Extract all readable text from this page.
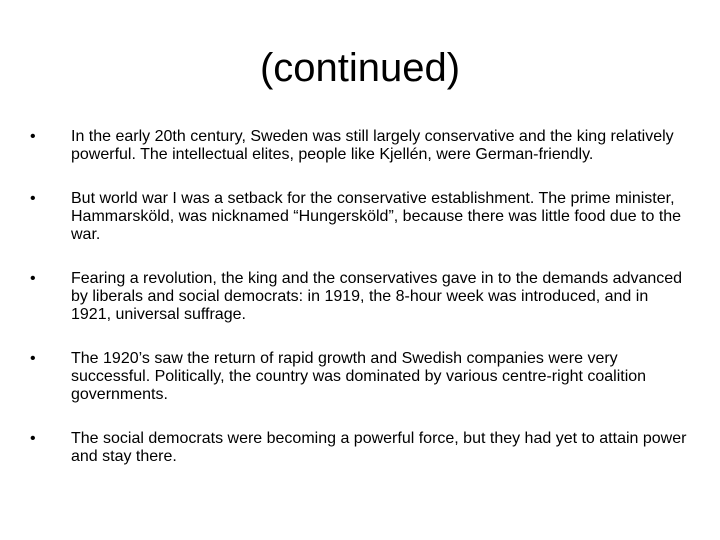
(continued)
•	In the early 20th century, Sweden was still largely conservative and the king relatively powerful. The intellectual elites, people like Kjellén, were German-friendly.
•	But world war I was a setback for the conservative establishment. The prime minister, Hammarsköld, was nicknamed “Hungersköld”, because there was little food due to the war.
•	Fearing a revolution, the king and the conservatives gave in to the demands advanced by liberals and social democrats: in 1919, the 8-hour week was introduced, and in 1921, universal suffrage.
•	The 1920’s saw the return of rapid growth and Swedish companies were very successful. Politically, the country was dominated by various centre-right coalition governments.
•	The social democrats were becoming a powerful force, but they had yet to attain power and stay there.
